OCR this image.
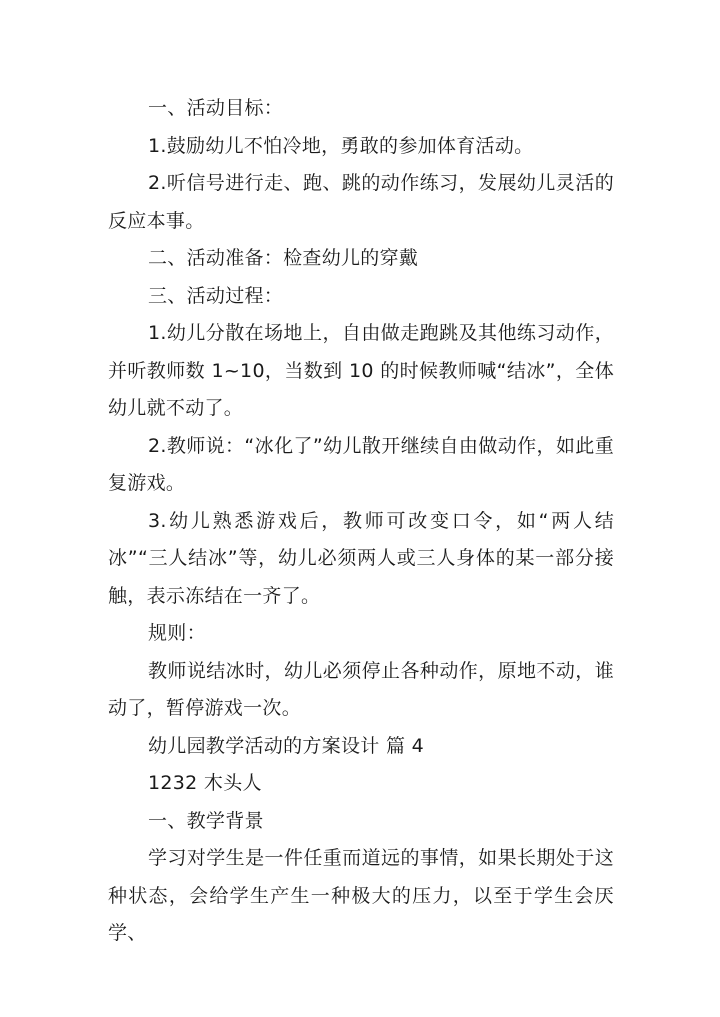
一、活动目标：

1.鼓励幼儿不怕冷地，勇敢的参加体育活动。

2.听信号进行走、跑、跳的动作练习，发展幼儿灵活的反应本事。

二、活动准备：检查幼儿的穿戴

三、活动过程：

1.幼儿分散在场地上，自由做走跑跳及其他练习动作，并听教师数 1~10，当数到 10 的时候教师喊“结冰”，全体幼儿就不动了。

2.教师说：“冰化了”幼儿散开继续自由做动作，如此重复游戏。

3.幼儿熟悉游戏后，教师可改变口令，如“两人结冰”“三人结冰”等，幼儿必须两人或三人身体的某一部分接触，表示冻结在一齐了。

规则：

教师说结冰时，幼儿必须停止各种动作，原地不动，谁动了，暂停游戏一次。

幼儿园教学活动的方案设计 篇 4

1232 木头人

一、教学背景

学习对学生是一件任重而道远的事情，如果长期处于这种状态，会给学生产生一种极大的压力，以至于学生会厌学、
